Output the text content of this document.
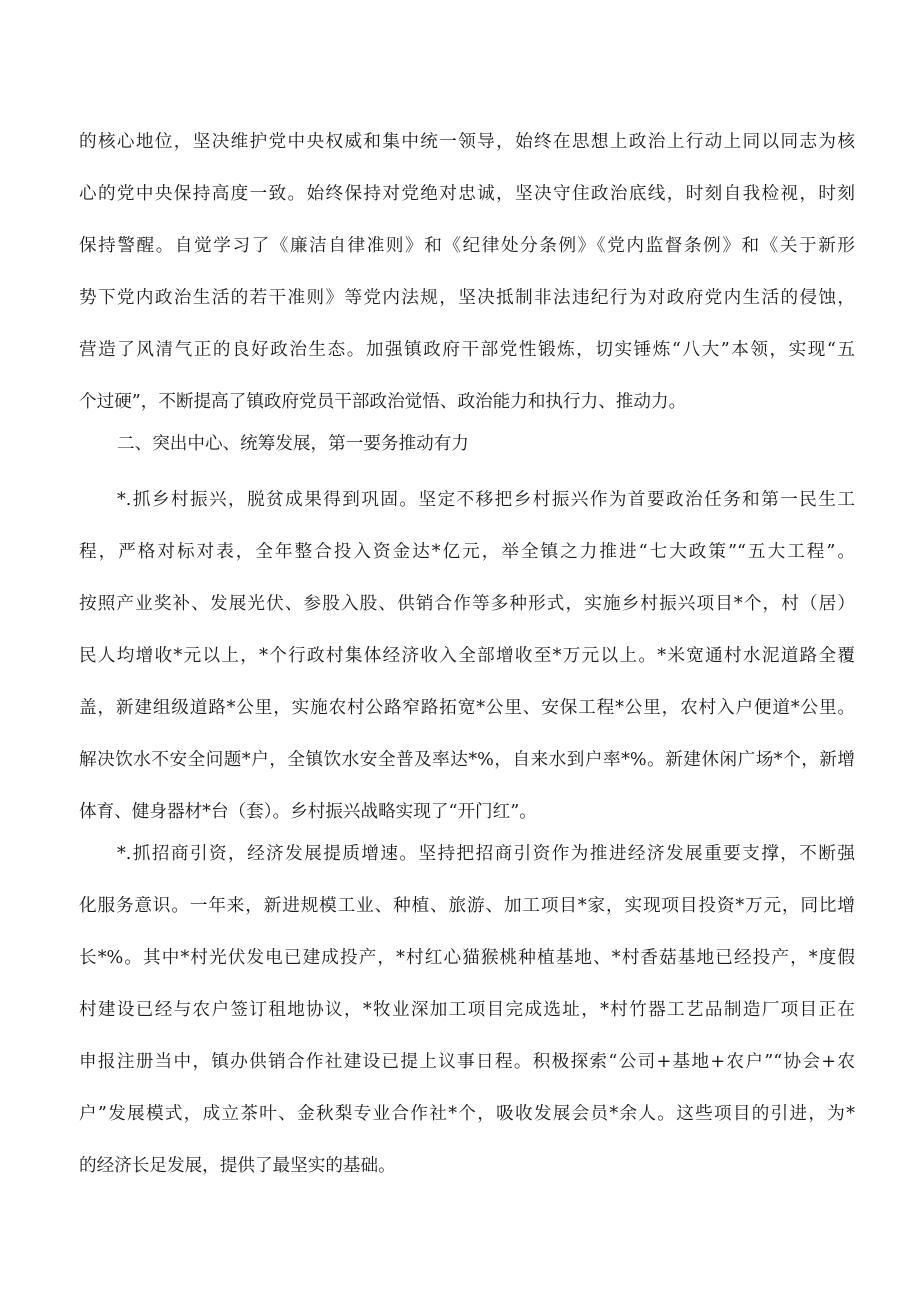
的核心地位，坚决维护党中央权威和集中统一领导，始终在思想上政治上行动上同以同志为核
心的党中央保持高度一致。始终保持对党绝对忠诚，坚决守住政治底线，时刻自我检视，时刻
保持警醒。自觉学习了《廉洁自律准则》和《纪律处分条例》《党内监督条例》和《关于新形
势下党内政治生活的若干准则》等党内法规，坚决抵制非法违纪行为对政府党内生活的侵蚀，
营造了风清气正的良好政治生态。加强镇政府干部党性锻炼，切实锤炼“八大”本领，实现“五
个过硬”，不断提高了镇政府党员干部政治觉悟、政治能力和执行力、推动力。
二、突出中心、统筹发展，第一要务推动有力
*.抓乡村振兴，脱贫成果得到巩固。坚定不移把乡村振兴作为首要政治任务和第一民生工
程，严格对标对表，全年整合投入资金达*亿元，举全镇之力推进“七大政策”“五大工程”。
按照产业奖补、发展光伏、参股入股、供销合作等多种形式，实施乡村振兴项目*个，村（居）
民人均增收*元以上，*个行政村集体经济收入全部增收至*万元以上。*米宽通村水泥道路全覆
盖，新建组级道路*公里，实施农村公路窄路拓宽*公里、安保工程*公里，农村入户便道*公里。
解决饮水不安全问题*户，全镇饮水安全普及率达*%，自来水到户率*%。新建休闲广场*个，新增
体育、健身器材*台（套）。乡村振兴战略实现了“开门红”。
*.抓招商引资，经济发展提质增速。坚持把招商引资作为推进经济发展重要支撑，不断强
化服务意识。一年来，新进规模工业、种植、旅游、加工项目*家，实现项目投资*万元，同比增
长*%。其中*村光伏发电已建成投产，*村红心猫猴桃种植基地、*村香菇基地已经投产，*度假
村建设已经与农户签订租地协议，*牧业深加工项目完成选址，*村竹器工艺品制造厂项目正在
申报注册当中，镇办供销合作社建设已提上议事日程。积极探索“公司+基地+农户”“协会+农
户”发展模式，成立茶叶、金秋梨专业合作社*个，吸收发展会员*余人。这些项目的引进，为*
的经济长足发展，提供了最坚实的基础。
